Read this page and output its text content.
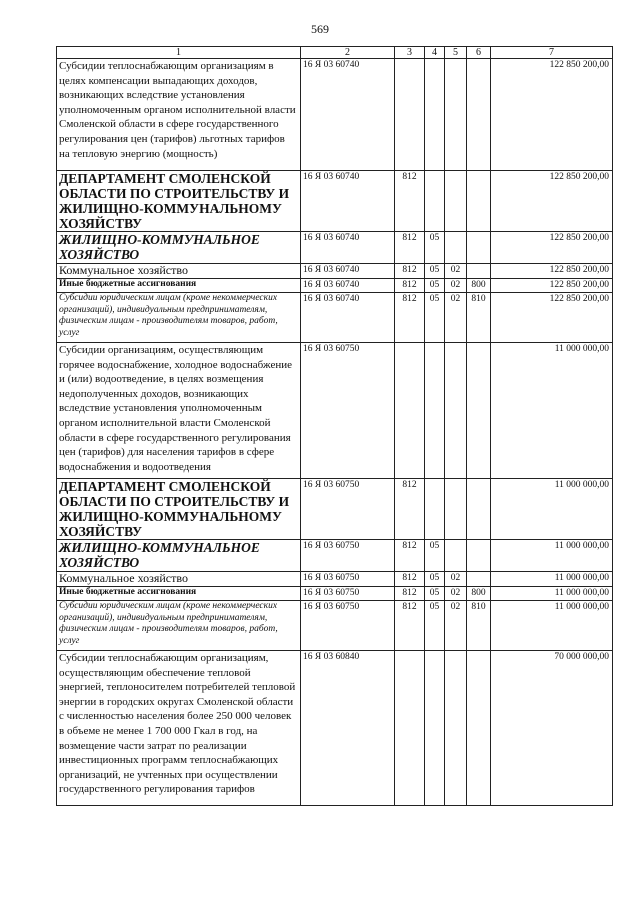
569
1	2	3	4	5	6	7
Субсидии теплоснабжающим организациям в целях компенсации выпадающих доходов, возникающих вследствие установления уполномоченным органом исполнительной власти Смоленской области в сфере государственного регулирования цен (тарифов) льготных тарифов на тепловую энергию (мощность)	16 Я 03 60740					122 850 200,00
ДЕПАРТАМЕНТ СМОЛЕНСКОЙ ОБЛАСТИ ПО СТРОИТЕЛЬСТВУ И ЖИЛИЩНО-КОММУНАЛЬНОМУ ХОЗЯЙСТВУ	16 Я 03 60740	812				122 850 200,00
ЖИЛИЩНО-КОММУНАЛЬНОЕ ХОЗЯЙСТВО	16 Я 03 60740	812	05			122 850 200,00
Коммунальное хозяйство	16 Я 03 60740	812	05	02		122 850 200,00
Иные бюджетные ассигнования	16 Я 03 60740	812	05	02	800	122 850 200,00
Субсидии юридическим лицам (кроме некоммерческих организаций), индивидуальным предпринимателям, физическим лицам - производителям товаров, работ, услуг	16 Я 03 60740	812	05	02	810	122 850 200,00
Субсидии организациям, осуществляющим горячее водоснабжение, холодное водоснабжение и (или) водоотведение, в целях возмещения недополученных доходов, возникающих вследствие установления уполномоченным органом исполнительной власти Смоленской области в сфере государственного регулирования цен (тарифов) для населения тарифов в сфере водоснабжения и водоотведения	16 Я 03 60750					11 000 000,00
ДЕПАРТАМЕНТ СМОЛЕНСКОЙ ОБЛАСТИ ПО СТРОИТЕЛЬСТВУ И ЖИЛИЩНО-КОММУНАЛЬНОМУ ХОЗЯЙСТВУ	16 Я 03 60750	812				11 000 000,00
ЖИЛИЩНО-КОММУНАЛЬНОЕ ХОЗЯЙСТВО	16 Я 03 60750	812	05			11 000 000,00
Коммунальное хозяйство	16 Я 03 60750	812	05	02		11 000 000,00
Иные бюджетные ассигнования	16 Я 03 60750	812	05	02	800	11 000 000,00
Субсидии юридическим лицам (кроме некоммерческих организаций), индивидуальным предпринимателям, физическим лицам - производителям товаров, работ, услуг	16 Я 03 60750	812	05	02	810	11 000 000,00
Субсидии теплоснабжающим организациям, осуществляющим обеспечение тепловой энергией, теплоносителем потребителей тепловой энергии в городских округах Смоленской области с численностью населения более 250 000 человек в объеме не менее 1 700 000 Гкал в год, на возмещение части затрат по реализации инвестиционных программ теплоснабжающих организаций, не учтенных при осуществлении государственного регулирования тарифов	16 Я 03 60840					70 000 000,00
